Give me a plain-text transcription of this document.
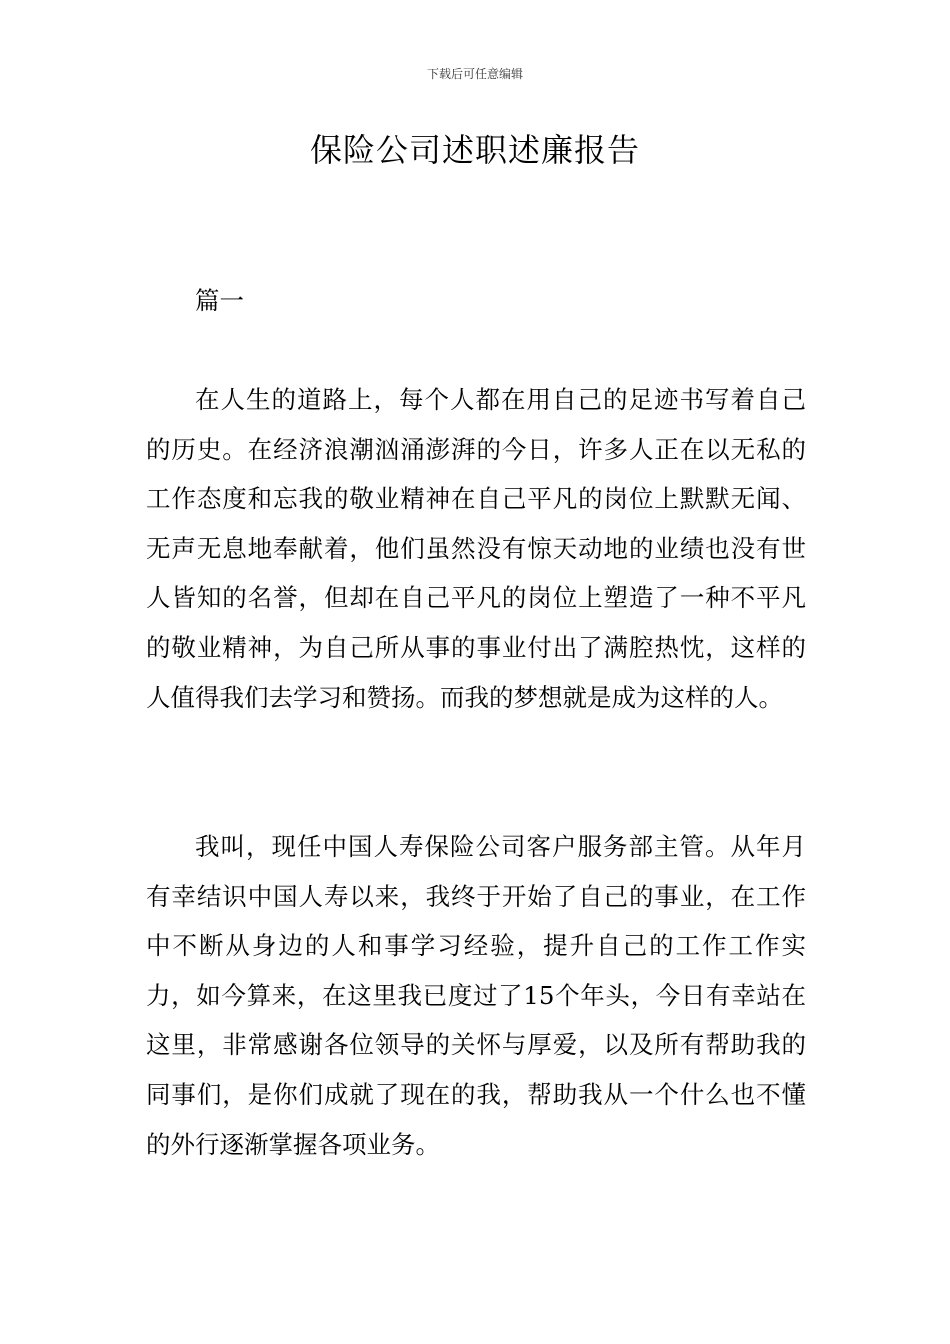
下载后可任意编辑
保险公司述职述廉报告

篇一

在人生的道路上，每个人都在用自己的足迹书写着自己的历史。在经济浪潮汹涌澎湃的今日，许多人正在以无私的工作态度和忘我的敬业精神在自己平凡的岗位上默默无闻、无声无息地奉献着，他们虽然没有惊天动地的业绩也没有世人皆知的名誉，但却在自己平凡的岗位上塑造了一种不平凡的敬业精神，为自己所从事的事业付出了满腔热忱，这样的人值得我们去学习和赞扬。而我的梦想就是成为这样的人。

我叫，现任中国人寿保险公司客户服务部主管。从年月有幸结识中国人寿以来，我终于开始了自己的事业，在工作中不断从身边的人和事学习经验，提升自己的工作工作实力，如今算来，在这里我已度过了15个年头，今日有幸站在这里，非常感谢各位领导的关怀与厚爱，以及所有帮助我的同事们，是你们成就了现在的我，帮助我从一个什么也不懂的外行逐渐掌握各项业务。
